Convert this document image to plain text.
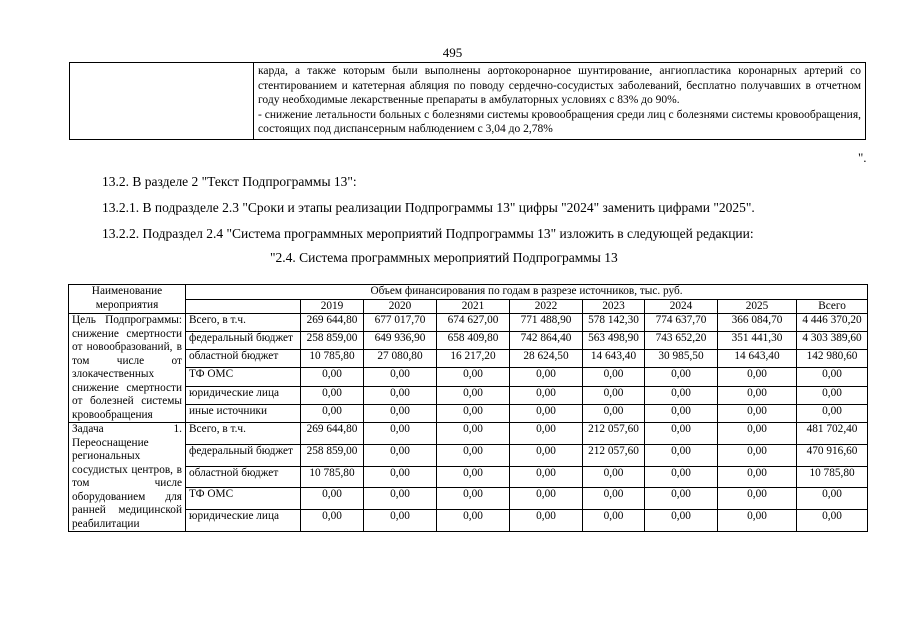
495

карда, а также которым были выполнены аортокоронарное шунтирование, ангиопластика коронарных артерий со стентированием и катетерная абляция по поводу сердечно-сосудистых заболеваний, бесплатно получавших в отчетном году необходимые лекарственные препараты в амбулаторных условиях с 83% до 90%.

- снижение летальности больных с болезнями системы кровообращения среди лиц с болезнями системы кровообращения, состоящих под диспансерным наблюдением с 3,04 до 2,78%

".
13.2. В разделе 2 "Текст Подпрограммы 13":
13.2.1. В подразделе 2.3 "Сроки и этапы реализации Подпрограммы 13" цифры "2024" заменить цифрами "2025".
13.2.2. Подраздел 2.4 "Система программных мероприятий Подпрограммы 13" изложить в следующей редакции:
"2.4. Система программных мероприятий Подпрограммы 13
Наименование мероприятия	Объем финансирования по годам в разрезе источников, тыс. руб.								
		2019	2020	2021	2022	2023	2024	2025	Всего
Цель Подпрограммы: снижение смертности от новообразований, в том числе от злокачественных снижение смертности от болезней системы кровообращения	Всего, в т.ч.	269 644,80	677 017,70	674 627,00	771 488,90	578 142,30	774 637,70	366 084,70	4 446 370,20
	федеральный бюджет	258 859,00	649 936,90	658 409,80	742 864,40	563 498,90	743 652,20	351 441,30	4 303 389,60
	областной бюджет	10 785,80	27 080,80	16 217,20	28 624,50	14 643,40	30 985,50	14 643,40	142 980,60
	ТФ ОМС	0,00	0,00	0,00	0,00	0,00	0,00	0,00	0,00
	юридические лица	0,00	0,00	0,00	0,00	0,00	0,00	0,00	0,00
	иные источники	0,00	0,00	0,00	0,00	0,00	0,00	0,00	0,00
Задача 1. Переоснащение региональных сосудистых центров, в том числе оборудованием для ранней медицинской реабилитации	Всего, в т.ч.	269 644,80	0,00	0,00	0,00	212 057,60	0,00	0,00	481 702,40
	федеральный бюджет	258 859,00	0,00	0,00	0,00	212 057,60	0,00	0,00	470 916,60
	областной бюджет	10 785,80	0,00	0,00	0,00	0,00	0,00	0,00	10 785,80
	ТФ ОМС	0,00	0,00	0,00	0,00	0,00	0,00	0,00	0,00
	юридические лица	0,00	0,00	0,00	0,00	0,00	0,00	0,00	0,00
